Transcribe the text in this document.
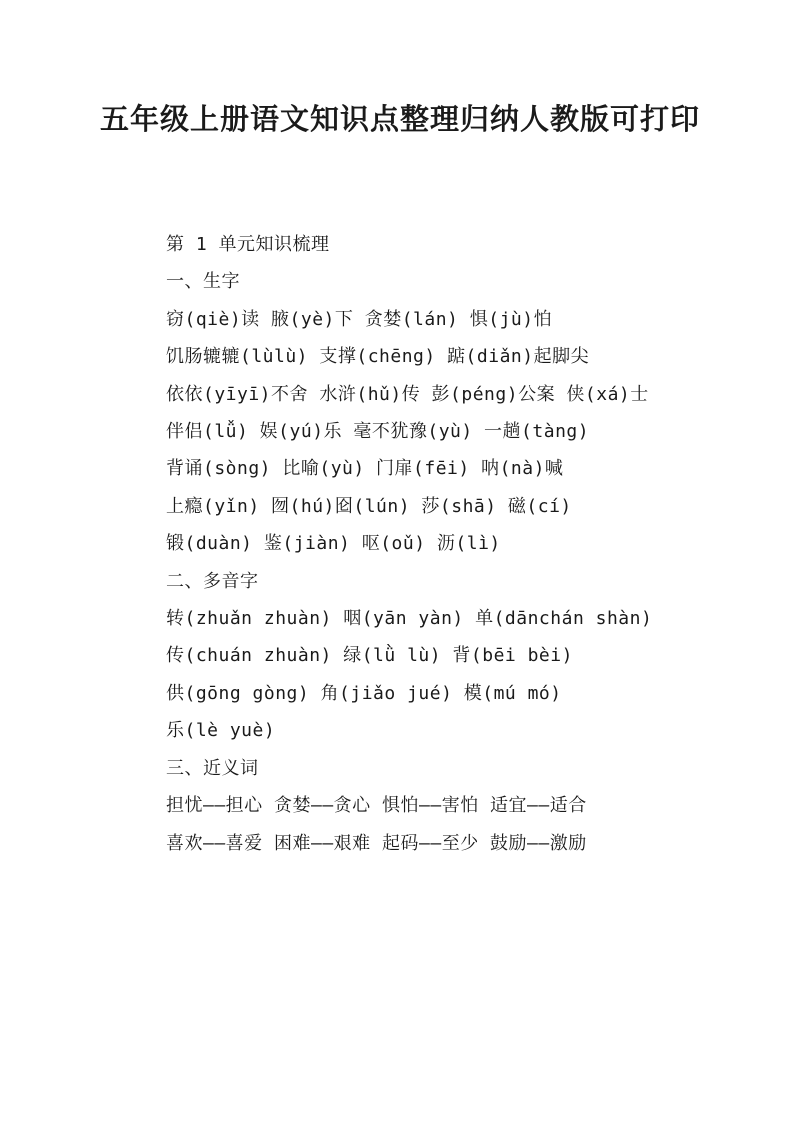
五年级上册语文知识点整理归纳人教版可打印

第 1 单元知识梳理

一、生字

窃(qiè)读 腋(yè)下 贪婪(lán) 惧(jù)怕

饥肠辘辘(lùlù) 支撑(chēng) 踮(diǎn)起脚尖

依依(yīyī)不舍 水浒(hǔ)传 彭(péng)公案 侠(xá)士

伴侣(lǚ) 娱(yú)乐 毫不犹豫(yù) 一趟(tàng)

背诵(sòng) 比喻(yù) 门扉(fēi) 呐(nà)喊

上瘾(yǐn) 囫(hú)囵(lún) 莎(shā) 磁(cí)

锻(duàn) 鉴(jiàn) 呕(oǔ) 沥(lì)

二、多音字

转(zhuǎn zhuàn) 咽(yān yàn) 单(dānchán shàn)

传(chuán zhuàn) 绿(lǜ lù) 背(bēi bèi)

供(gōng gòng) 角(jiǎo jué) 模(mú mó)

乐(lè yuè)

三、近义词

担忧——担心 贪婪——贪心 惧怕——害怕 适宜——适合

喜欢——喜爱 困难——艰难 起码——至少 鼓励——激励
